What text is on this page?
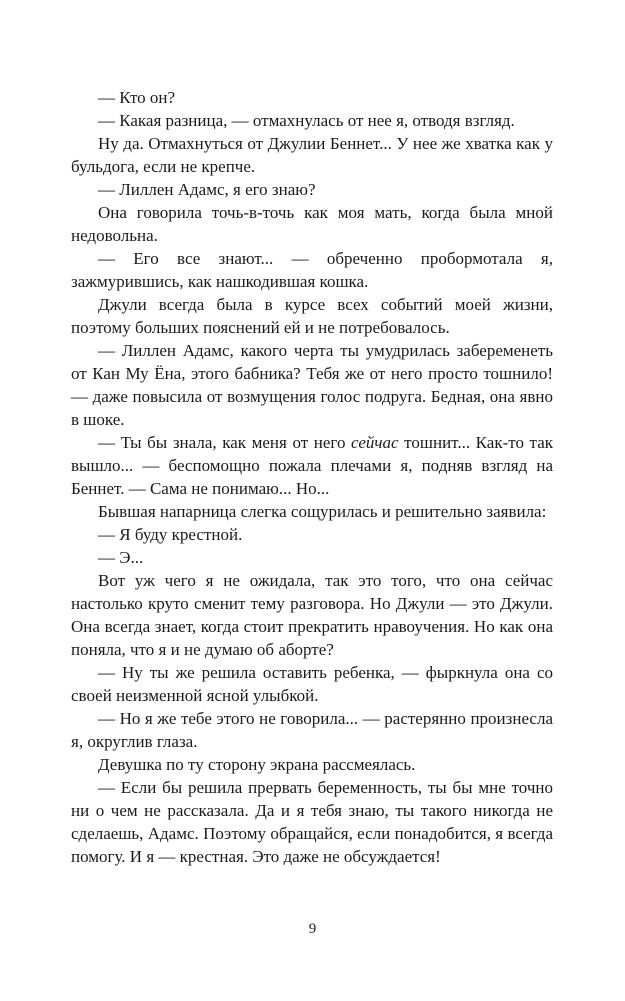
— Кто он?

— Какая разница, — отмахнулась от нее я, отводя взгляд.

Ну да. Отмахнуться от Джулии Беннет... У нее же хватка как у бульдога, если не крепче.

— Лиллен Адамс, я его знаю?

Она говорила точь-в-точь как моя мать, когда была мной недовольна.

— Его все знают... — обреченно пробормотала я, зажмурившись, как нашкодившая кошка.

Джули всегда была в курсе всех событий моей жизни, поэтому больших пояснений ей и не потребовалось.

— Лиллен Адамс, какого черта ты умудрилась забеременеть от Кан Му Ёна, этого бабника? Тебя же от него просто тошнило! — даже повысила от возмущения голос подруга. Бедная, она явно в шоке.

— Ты бы знала, как меня от него сейчас тошнит... Как-то так вышло... — беспомощно пожала плечами я, подняв взгляд на Беннет. — Сама не понимаю... Но...

Бывшая напарница слегка сощурилась и решительно заявила:

— Я буду крестной.

— Э...

Вот уж чего я не ожидала, так это того, что она сейчас настолько круто сменит тему разговора. Но Джули — это Джули. Она всегда знает, когда стоит прекратить нравоучения. Но как она поняла, что я и не думаю об аборте?

— Ну ты же решила оставить ребенка, — фыркнула она со своей неизменной ясной улыбкой.

— Но я же тебе этого не говорила... — растерянно произнесла я, округлив глаза.

Девушка по ту сторону экрана рассмеялась.

— Если бы решила прервать беременность, ты бы мне точно ни о чем не рассказала. Да и я тебя знаю, ты такого никогда не сделаешь, Адамс. Поэтому обращайся, если понадобится, я всегда помогу. И я — крестная. Это даже не обсуждается!

9
